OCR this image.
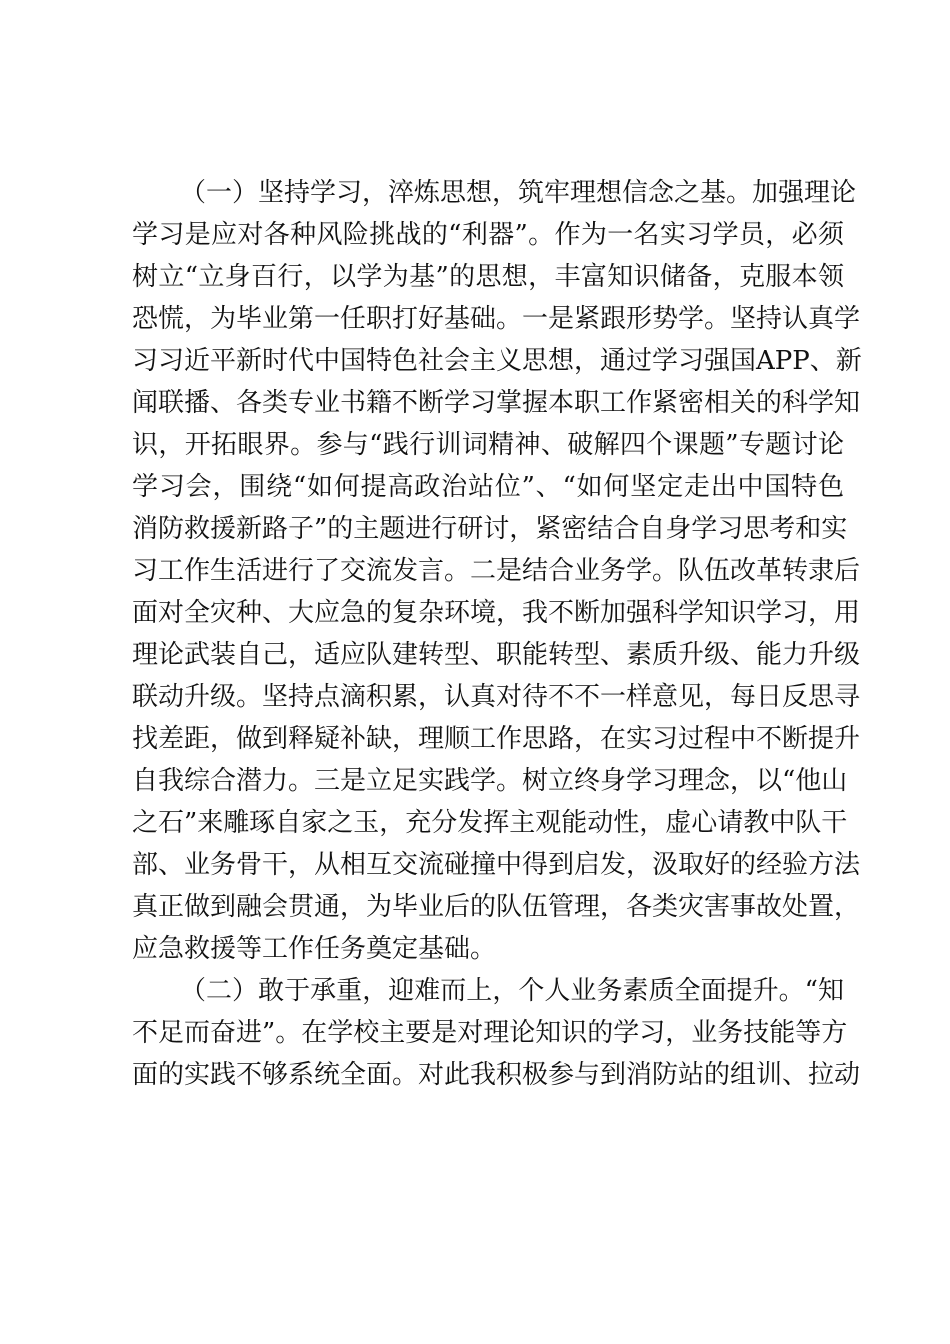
（一）坚持学习，淬炼思想，筑牢理想信念之基。加强理论
学习是应对各种风险挑战的“利器”。作为一名实习学员，必须
树立“立身百行，以学为基”的思想，丰富知识储备，克服本领
恐慌，为毕业第一任职打好基础。一是紧跟形势学。坚持认真学
习习近平新时代中国特色社会主义思想，通过学习强国APP、新
闻联播、各类专业书籍不断学习掌握本职工作紧密相关的科学知
识，开拓眼界。参与“践行训词精神、破解四个课题”专题讨论
学习会，围绕“如何提高政治站位”、“如何坚定走出中国特色
消防救援新路子”的主题进行研讨，紧密结合自身学习思考和实
习工作生活进行了交流发言。二是结合业务学。队伍改革转隶后
面对全灾种、大应急的复杂环境，我不断加强科学知识学习，用
理论武装自己，适应队建转型、职能转型、素质升级、能力升级
联动升级。坚持点滴积累，认真对待不不一样意见，每日反思寻
找差距，做到释疑补缺，理顺工作思路，在实习过程中不断提升
自我综合潜力。三是立足实践学。树立终身学习理念，以“他山
之石”来雕琢自家之玉，充分发挥主观能动性，虚心请教中队干
部、业务骨干，从相互交流碰撞中得到启发，汲取好的经验方法
真正做到融会贯通，为毕业后的队伍管理，各类灾害事故处置，
应急救援等工作任务奠定基础。
（二）敢于承重，迎难而上，个人业务素质全面提升。“知
不足而奋进”。在学校主要是对理论知识的学习，业务技能等方
面的实践不够系统全面。对此我积极参与到消防站的组训、拉动
